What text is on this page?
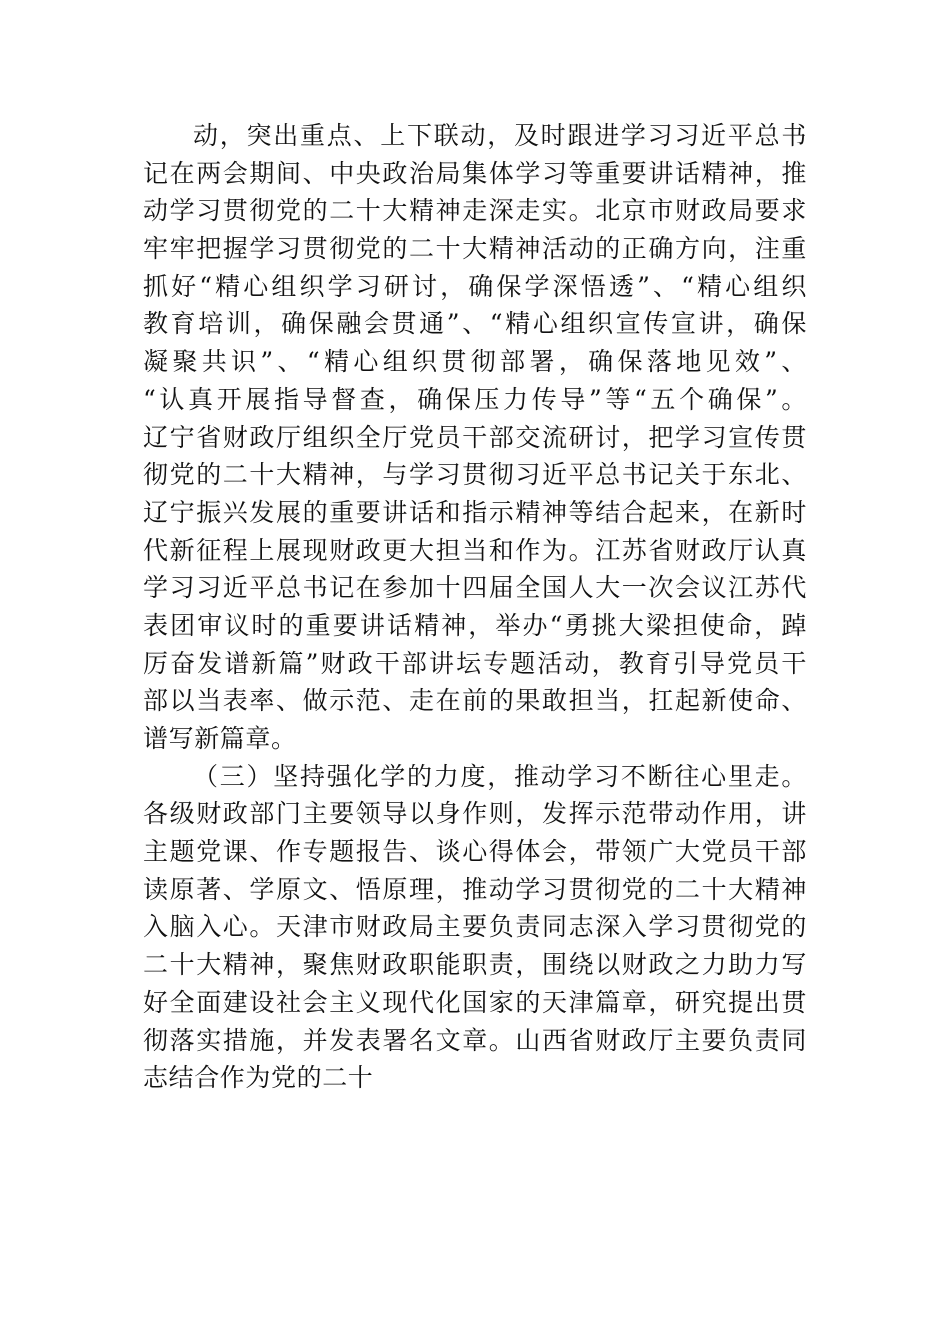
动，突出重点、上下联动，及时跟进学习习近平总书
记在两会期间、中央政治局集体学习等重要讲话精神，推
动学习贯彻党的二十大精神走深走实。北京市财政局要求
牢牢把握学习贯彻党的二十大精神活动的正确方向，注重
抓好“精心组织学习研讨，确保学深悟透”、“精心组织
教育培训，确保融会贯通”、“精心组织宣传宣讲，确保
凝聚共识”、“精心组织贯彻部署，确保落地见效”、
“认真开展指导督查，确保压力传导”等“五个确保”。
辽宁省财政厅组织全厅党员干部交流研讨，把学习宣传贯
彻党的二十大精神，与学习贯彻习近平总书记关于东北、
辽宁振兴发展的重要讲话和指示精神等结合起来，在新时
代新征程上展现财政更大担当和作为。江苏省财政厅认真
学习习近平总书记在参加十四届全国人大一次会议江苏代
表团审议时的重要讲话精神，举办“勇挑大梁担使命，踔
厉奋发谱新篇”财政干部讲坛专题活动，教育引导党员干
部以当表率、做示范、走在前的果敢担当，扛起新使命、
谱写新篇章。
（三）坚持强化学的力度，推动学习不断往心里走。
各级财政部门主要领导以身作则，发挥示范带动作用，讲
主题党课、作专题报告、谈心得体会，带领广大党员干部
读原著、学原文、悟原理，推动学习贯彻党的二十大精神
入脑入心。天津市财政局主要负责同志深入学习贯彻党的
二十大精神，聚焦财政职能职责，围绕以财政之力助力写
好全面建设社会主义现代化国家的天津篇章，研究提出贯
彻落实措施，并发表署名文章。山西省财政厅主要负责同
志结合作为党的二十
